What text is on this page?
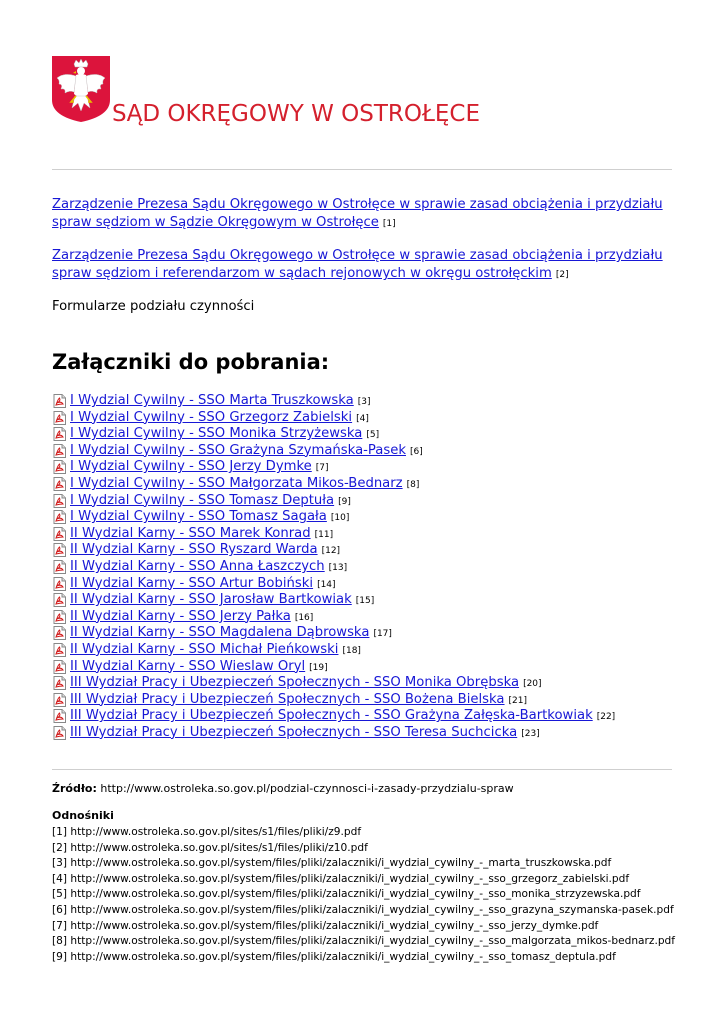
SĄD OKRĘGOWY W OSTROŁĘCE

Zarządzenie Prezesa Sądu Okręgowego w Ostrołęce w sprawie zasad obciążenia i przydziału spraw sędziom w Sądzie Okręgowym w Ostrołęce [1]

Zarządzenie Prezesa Sądu Okręgowego w Ostrołęce w sprawie zasad obciążenia i przydziału spraw sędziom i referendarzom w sądach rejonowych w okręgu ostrołęckim [2]

Formularze podziału czynności

Załączniki do pobrania:
I Wydzial Cywilny - SSO Marta Truszkowska [3]
I Wydzial Cywilny - SSO Grzegorz Zabielski [4]
I Wydzial Cywilny - SSO Monika Strzyżewska [5]
I Wydzial Cywilny - SSO Grażyna Szymańska-Pasek [6]
I Wydzial Cywilny - SSO Jerzy Dymke [7]
I Wydzial Cywilny - SSO Małgorzata Mikos-Bednarz [8]
I Wydzial Cywilny - SSO Tomasz Deptuła [9]
I Wydzial Cywilny - SSO Tomasz Sagała [10]
II Wydzial Karny - SSO Marek Konrad [11]
II Wydzial Karny - SSO Ryszard Warda [12]
II Wydzial Karny - SSO Anna Łaszczych [13]
II Wydzial Karny - SSO Artur Bobiński [14]
II Wydzial Karny - SSO Jarosław Bartkowiak [15]
II Wydzial Karny - SSO Jerzy Pałka [16]
II Wydzial Karny - SSO Magdalena Dąbrowska [17]
II Wydzial Karny - SSO Michał Pieńkowski [18]
II Wydzial Karny - SSO Wieslaw Oryl [19]
III Wydział Pracy i Ubezpieczeń Społecznych - SSO Monika Obrębska [20]
III Wydział Pracy i Ubezpieczeń Społecznych - SSO Bożena Bielska [21]
III Wydział Pracy i Ubezpieczeń Społecznych - SSO Grażyna Załęska-Bartkowiak [22]
III Wydział Pracy i Ubezpieczeń Społecznych - SSO Teresa Suchcicka [23]
Źródło: http://www.ostroleka.so.gov.pl/podzial-czynnosci-i-zasady-przydzialu-spraw
Odnośniki
[1] http://www.ostroleka.so.gov.pl/sites/s1/files/pliki/z9.pdf
[2] http://www.ostroleka.so.gov.pl/sites/s1/files/pliki/z10.pdf
[3] http://www.ostroleka.so.gov.pl/system/files/pliki/zalaczniki/i_wydzial_cywilny_-_marta_truszkowska.pdf
[4] http://www.ostroleka.so.gov.pl/system/files/pliki/zalaczniki/i_wydzial_cywilny_-_sso_grzegorz_zabielski.pdf
[5] http://www.ostroleka.so.gov.pl/system/files/pliki/zalaczniki/i_wydzial_cywilny_-_sso_monika_strzyzewska.pdf
[6] http://www.ostroleka.so.gov.pl/system/files/pliki/zalaczniki/i_wydzial_cywilny_-_sso_grazyna_szymanska-pasek.pdf
[7] http://www.ostroleka.so.gov.pl/system/files/pliki/zalaczniki/i_wydzial_cywilny_-_sso_jerzy_dymke.pdf
[8] http://www.ostroleka.so.gov.pl/system/files/pliki/zalaczniki/i_wydzial_cywilny_-_sso_malgorzata_mikos-bednarz.pdf
[9] http://www.ostroleka.so.gov.pl/system/files/pliki/zalaczniki/i_wydzial_cywilny_-_sso_tomasz_deptula.pdf
